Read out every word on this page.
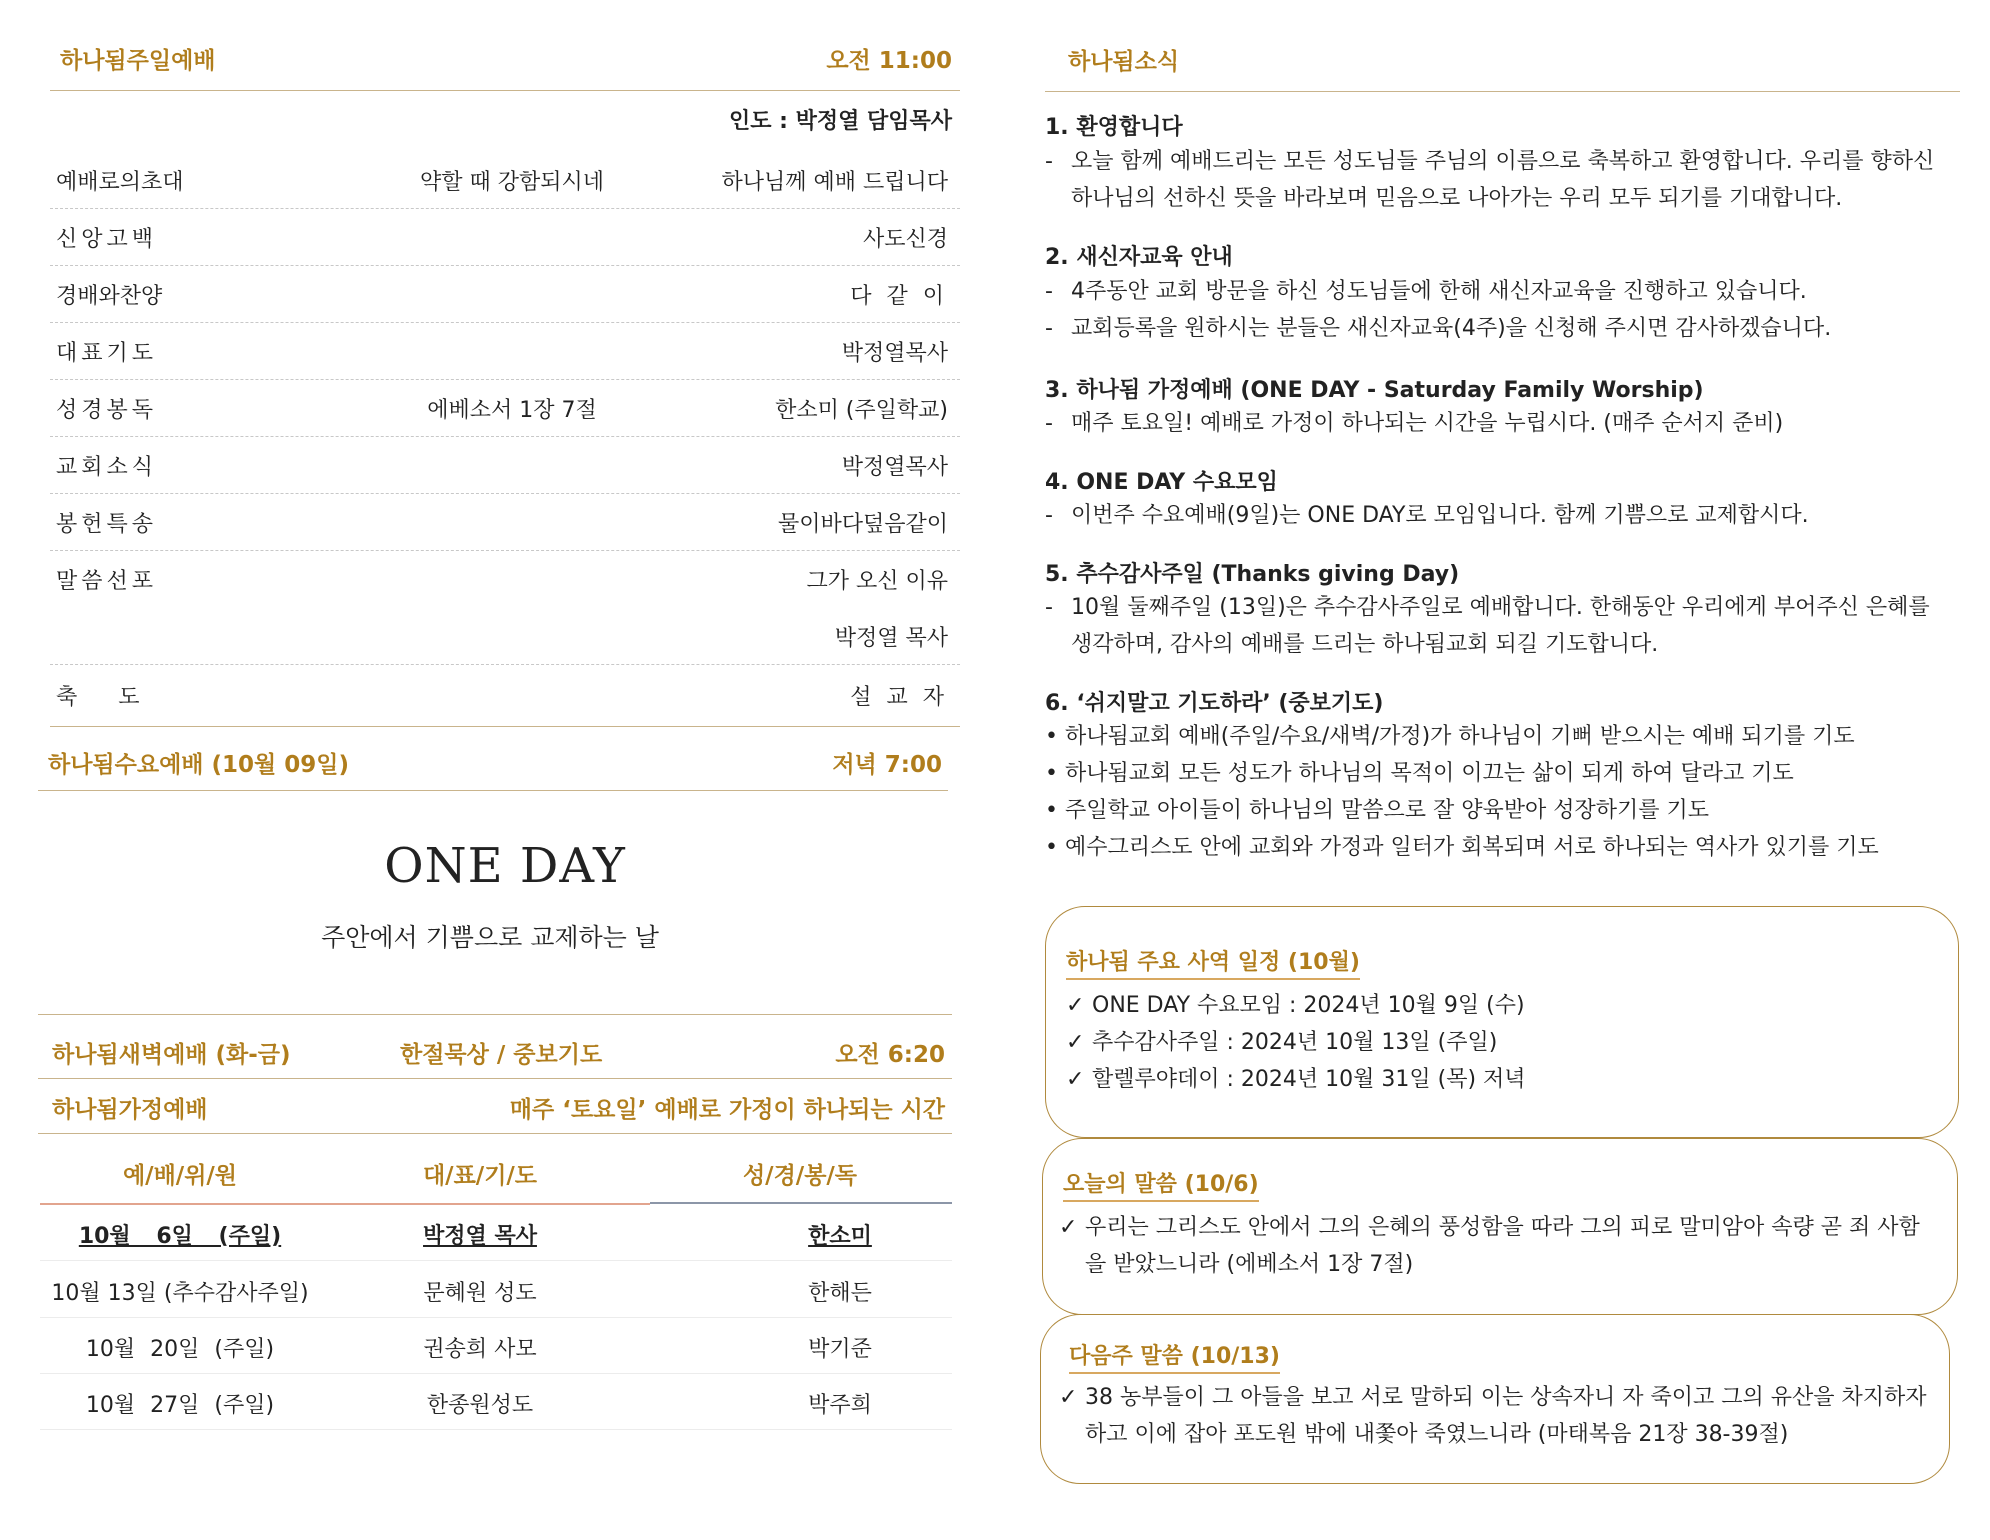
하나됨주일예배	오전 11:00
인도 : 박정열 담임목사
예배로의초대	약할 때 강함되시네	하나님께 예배 드립니다
신앙고백	사도신경
경배와찬양	다 같 이
대표기도	박정열목사
성경봉독	에베소서 1장 7절	한소미 (주일학교)
교회소식	박정열목사
봉헌특송	물이바다덮음같이
말씀선포	그가 오신 이유
박정열 목사
축 도	설 교 자
하나됨수요예배 (10월 09일)	저녁 7:00
ONE DAY
주안에서 기쁨으로 교제하는 날
하나됨새벽예배 (화-금)	한절묵상 / 중보기도	오전 6:20
하나됨가정예배	매주 ‘토요일’ 예배로 가정이 하나되는 시간
예/배/위/원	대/표/기/도	성/경/봉/독
10월 6일 (주일)	박정열 목사	한소미
10월 13일 (추수감사주일)	문혜원 성도	한해든
10월 20일 (주일)	권송희 사모	박기준
10월 27일 (주일)	한종원성도	박주희
하나됨소식
1. 환영합니다
- 오늘 함께 예배드리는 모든 성도님들 주님의 이름으로 축복하고 환영합니다. 우리를 향하신 하나님의 선하신 뜻을 바라보며 믿음으로 나아가는 우리 모두 되기를 기대합니다.
2. 새신자교육 안내
- 4주동안 교회 방문을 하신 성도님들에 한해 새신자교육을 진행하고 있습니다.
- 교회등록을 원하시는 분들은 새신자교육(4주)을 신청해 주시면 감사하겠습니다.
3. 하나됨 가정예배 (ONE DAY - Saturday Family Worship)
- 매주 토요일! 예배로 가정이 하나되는 시간을 누립시다. (매주 순서지 준비)
4. ONE DAY 수요모임
- 이번주 수요예배(9일)는 ONE DAY로 모임입니다. 함께 기쁨으로 교제합시다.
5. 추수감사주일 (Thanks giving Day)
- 10월 둘째주일 (13일)은 추수감사주일로 예배합니다. 한해동안 우리에게 부어주신 은혜를 생각하며, 감사의 예배를 드리는 하나됨교회 되길 기도합니다.
6. ‘쉬지말고 기도하라’ (중보기도)
• 하나됨교회 예배(주일/수요/새벽/가정)가 하나님이 기뻐 받으시는 예배 되기를 기도
• 하나됨교회 모든 성도가 하나님의 목적이 이끄는 삶이 되게 하여 달라고 기도
• 주일학교 아이들이 하나님의 말씀으로 잘 양육받아 성장하기를 기도
• 예수그리스도 안에 교회와 가정과 일터가 회복되며 서로 하나되는 역사가 있기를 기도
하나됨 주요 사역 일정 (10월)
✓ ONE DAY 수요모임 : 2024년 10월 9일 (수)
✓ 추수감사주일 : 2024년 10월 13일 (주일)
✓ 할렐루야데이 : 2024년 10월 31일 (목) 저녁
오늘의 말씀 (10/6)
✓ 우리는 그리스도 안에서 그의 은혜의 풍성함을 따라 그의 피로 말미암아 속량 곧 죄 사함을 받았느니라 (에베소서 1장 7절)
다음주 말씀 (10/13)
✓ 38 농부들이 그 아들을 보고 서로 말하되 이는 상속자니 자 죽이고 그의 유산을 차지하자 하고 이에 잡아 포도원 밖에 내쫓아 죽였느니라 (마태복음 21장 38-39절)
